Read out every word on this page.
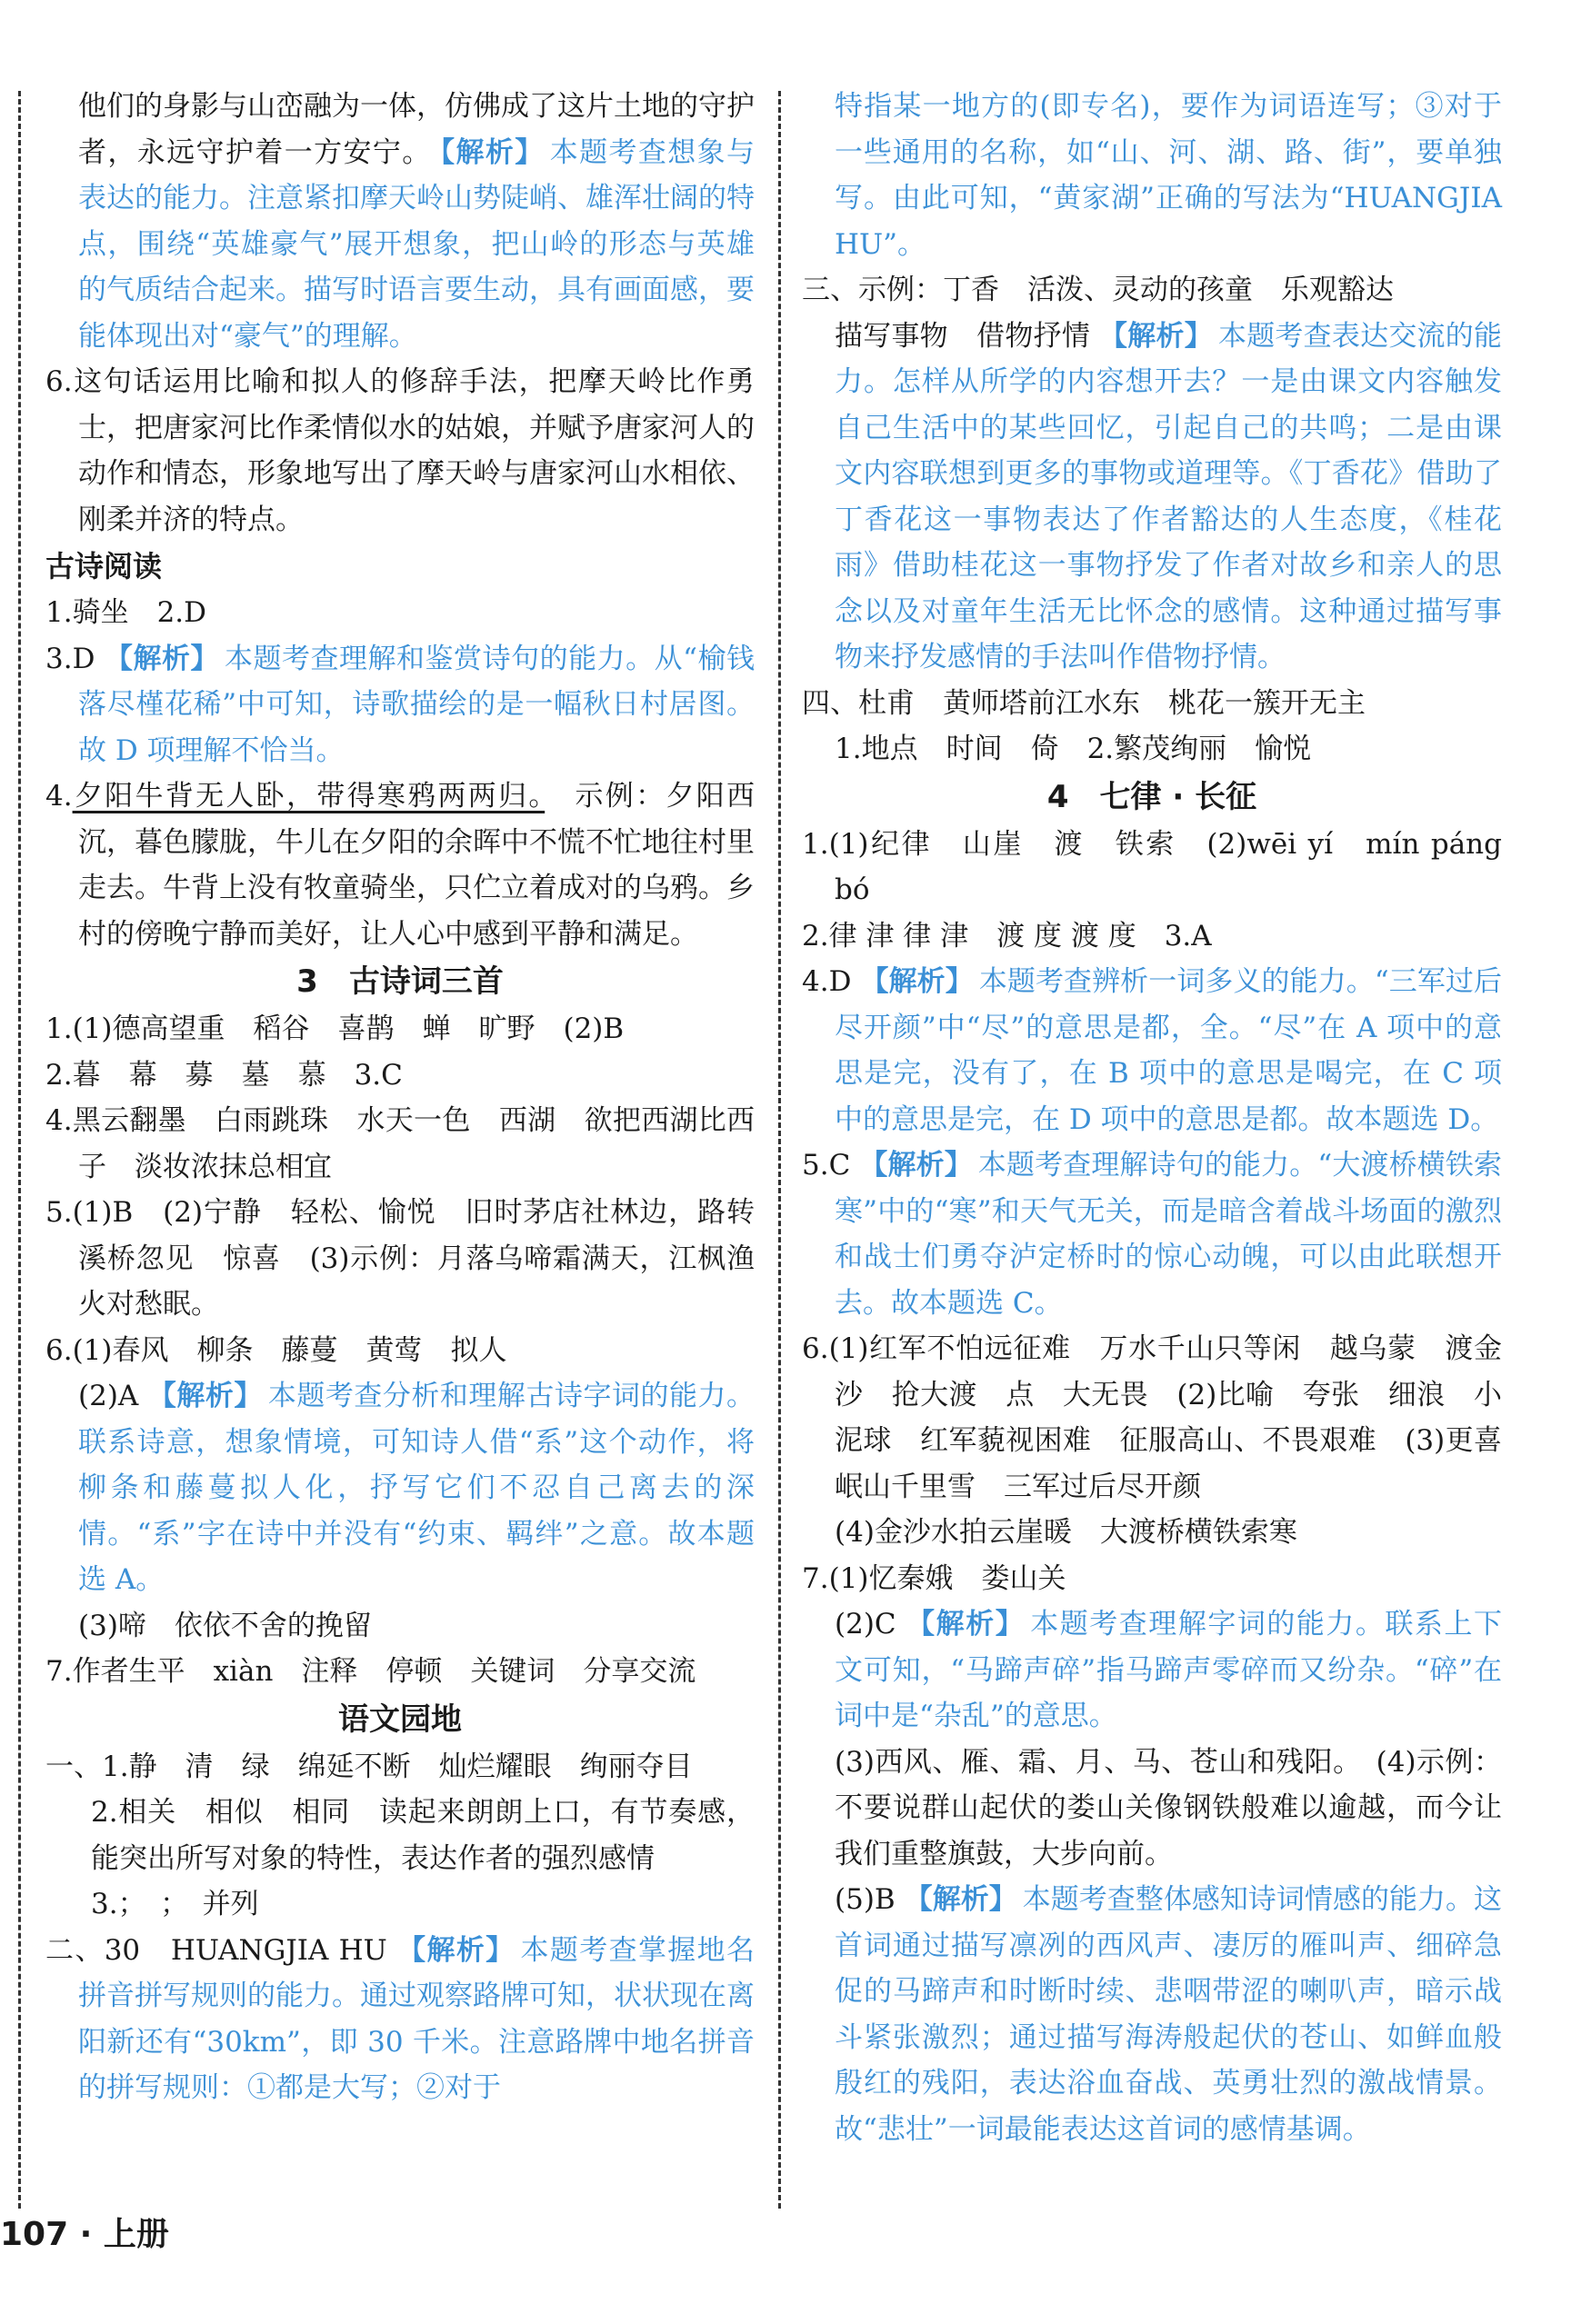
他们的身影与山峦融为一体，仿佛成了这片土地的守护者，永远守护着一方安宁。 【解析】 本题考查想象与表达的能力。注意紧扣摩天岭山势陡峭、雄浑壮阔的特点，围绕“英雄豪气”展开想象，把山岭的形态与英雄的气质结合起来。描写时语言要生动，具有画面感，要能体现出对“豪气”的理解。

6.这句话运用比喻和拟人的修辞手法，把摩天岭比作勇士，把唐家河比作柔情似水的姑娘，并赋予唐家河人的动作和情态，形象地写出了摩天岭与唐家河山水相依、刚柔并济的特点。

古诗阅读

1.骑坐　2.D

3.D 【解析】 本题考查理解和鉴赏诗句的能力。从“榆钱落尽槿花稀”中可知，诗歌描绘的是一幅秋日村居图。故 D 项理解不恰当。

4.夕阳牛背无人卧，带得寒鸦两两归。　示例：夕阳西沉，暮色朦胧，牛儿在夕阳的余晖中不慌不忙地往村里走去。牛背上没有牧童骑坐，只伫立着成对的乌鸦。乡村的傍晚宁静而美好，让人心中感到平静和满足。

3　古诗词三首

1.(1)德高望重　稻谷　喜鹊　蝉　旷野　(2)B

2.暮　幕　募　墓　慕　3.C

4.黑云翻墨　白雨跳珠　水天一色　西湖　欲把西湖比西子　淡妆浓抹总相宜

5.(1)B　(2)宁静　轻松、愉悦　旧时茅店社林边，路转溪桥忽见　惊喜　(3)示例：月落乌啼霜满天，江枫渔火对愁眠。

6.(1)春风　柳条　藤蔓　黄莺　拟人

(2)A 【解析】 本题考查分析和理解古诗字词的能力。联系诗意，想象情境，可知诗人借“系”这个动作，将柳条和藤蔓拟人化，抒写它们不忍自己离去的深情。“系”字在诗中并没有“约束、羁绊”之意。故本题选 A。

(3)啼　依依不舍的挽留

7.作者生平　xiàn　注释　停顿　关键词　分享交流

语文园地

一、1.静　清　绿　绵延不断　灿烂耀眼　绚丽夺目

2.相关　相似　相同　读起来朗朗上口，有节奏感，能突出所写对象的特性，表达作者的强烈感情

3.；　；　并列

二、30　HUANGJIA HU 【解析】 本题考查掌握地名拼音拼写规则的能力。通过观察路牌可知，状状现在离阳新还有“30km”，即 30 千米。注意路牌中地名拼音的拼写规则：①都是大写；②对于

特指某一地方的(即专名)，要作为词语连写；③对于一些通用的名称，如“山、河、湖、路、街”，要单独写。由此可知，“黄家湖”正确的写法为“HUANGJIA HU”。

三、示例：丁香　活泼、灵动的孩童　乐观豁达

描写事物　借物抒情 【解析】 本题考查表达交流的能力。怎样从所学的内容想开去？一是由课文内容触发自己生活中的某些回忆，引起自己的共鸣；二是由课文内容联想到更多的事物或道理等。《丁香花》借助了丁香花这一事物表达了作者豁达的人生态度，《桂花雨》借助桂花这一事物抒发了作者对故乡和亲人的思念以及对童年生活无比怀念的感情。这种通过描写事物来抒发感情的手法叫作借物抒情。

四、杜甫　黄师塔前江水东　桃花一簇开无主

1.地点　时间　倚　2.繁茂绚丽　愉悦

4　七律 · 长征

1.(1)纪律　山崖　渡　铁索　(2)wēi yí　mín páng bó

2.律 津 律 津　渡 度 渡 度　3.A

4.D 【解析】 本题考查辨析一词多义的能力。“三军过后尽开颜”中“尽”的意思是都，全。“尽”在 A 项中的意思是完，没有了，在 B 项中的意思是喝完，在 C 项中的意思是完，在 D 项中的意思是都。故本题选 D。

5.C 【解析】 本题考查理解诗句的能力。“大渡桥横铁索寒”中的“寒”和天气无关，而是暗含着战斗场面的激烈和战士们勇夺泸定桥时的惊心动魄，可以由此联想开去。故本题选 C。

6.(1)红军不怕远征难　万水千山只等闲　越乌蒙　渡金沙　抢大渡　点　大无畏　(2)比喻　夸张　细浪　小泥球　红军藐视困难　征服高山、不畏艰难　(3)更喜岷山千里雪　三军过后尽开颜

(4)金沙水拍云崖暖　大渡桥横铁索寒

7.(1)忆秦娥　娄山关

(2)C 【解析】 本题考查理解字词的能力。联系上下文可知，“马蹄声碎”指马蹄声零碎而又纷杂。“碎”在词中是“杂乱”的意思。

(3)西风、雁、霜、月、马、苍山和残阳。　(4)示例：不要说群山起伏的娄山关像钢铁般难以逾越，而今让我们重整旗鼓，大步向前。

(5)B 【解析】 本题考查整体感知诗词情感的能力。这首词通过描写凛冽的西风声、凄厉的雁叫声、细碎急促的马蹄声和时断时续、悲咽带涩的喇叭声，暗示战斗紧张激烈；通过描写海涛般起伏的苍山、如鲜血般殷红的残阳，表达浴血奋战、英勇壮烈的激战情景。故“悲壮”一词最能表达这首词的感情基调。

107 · 上册
